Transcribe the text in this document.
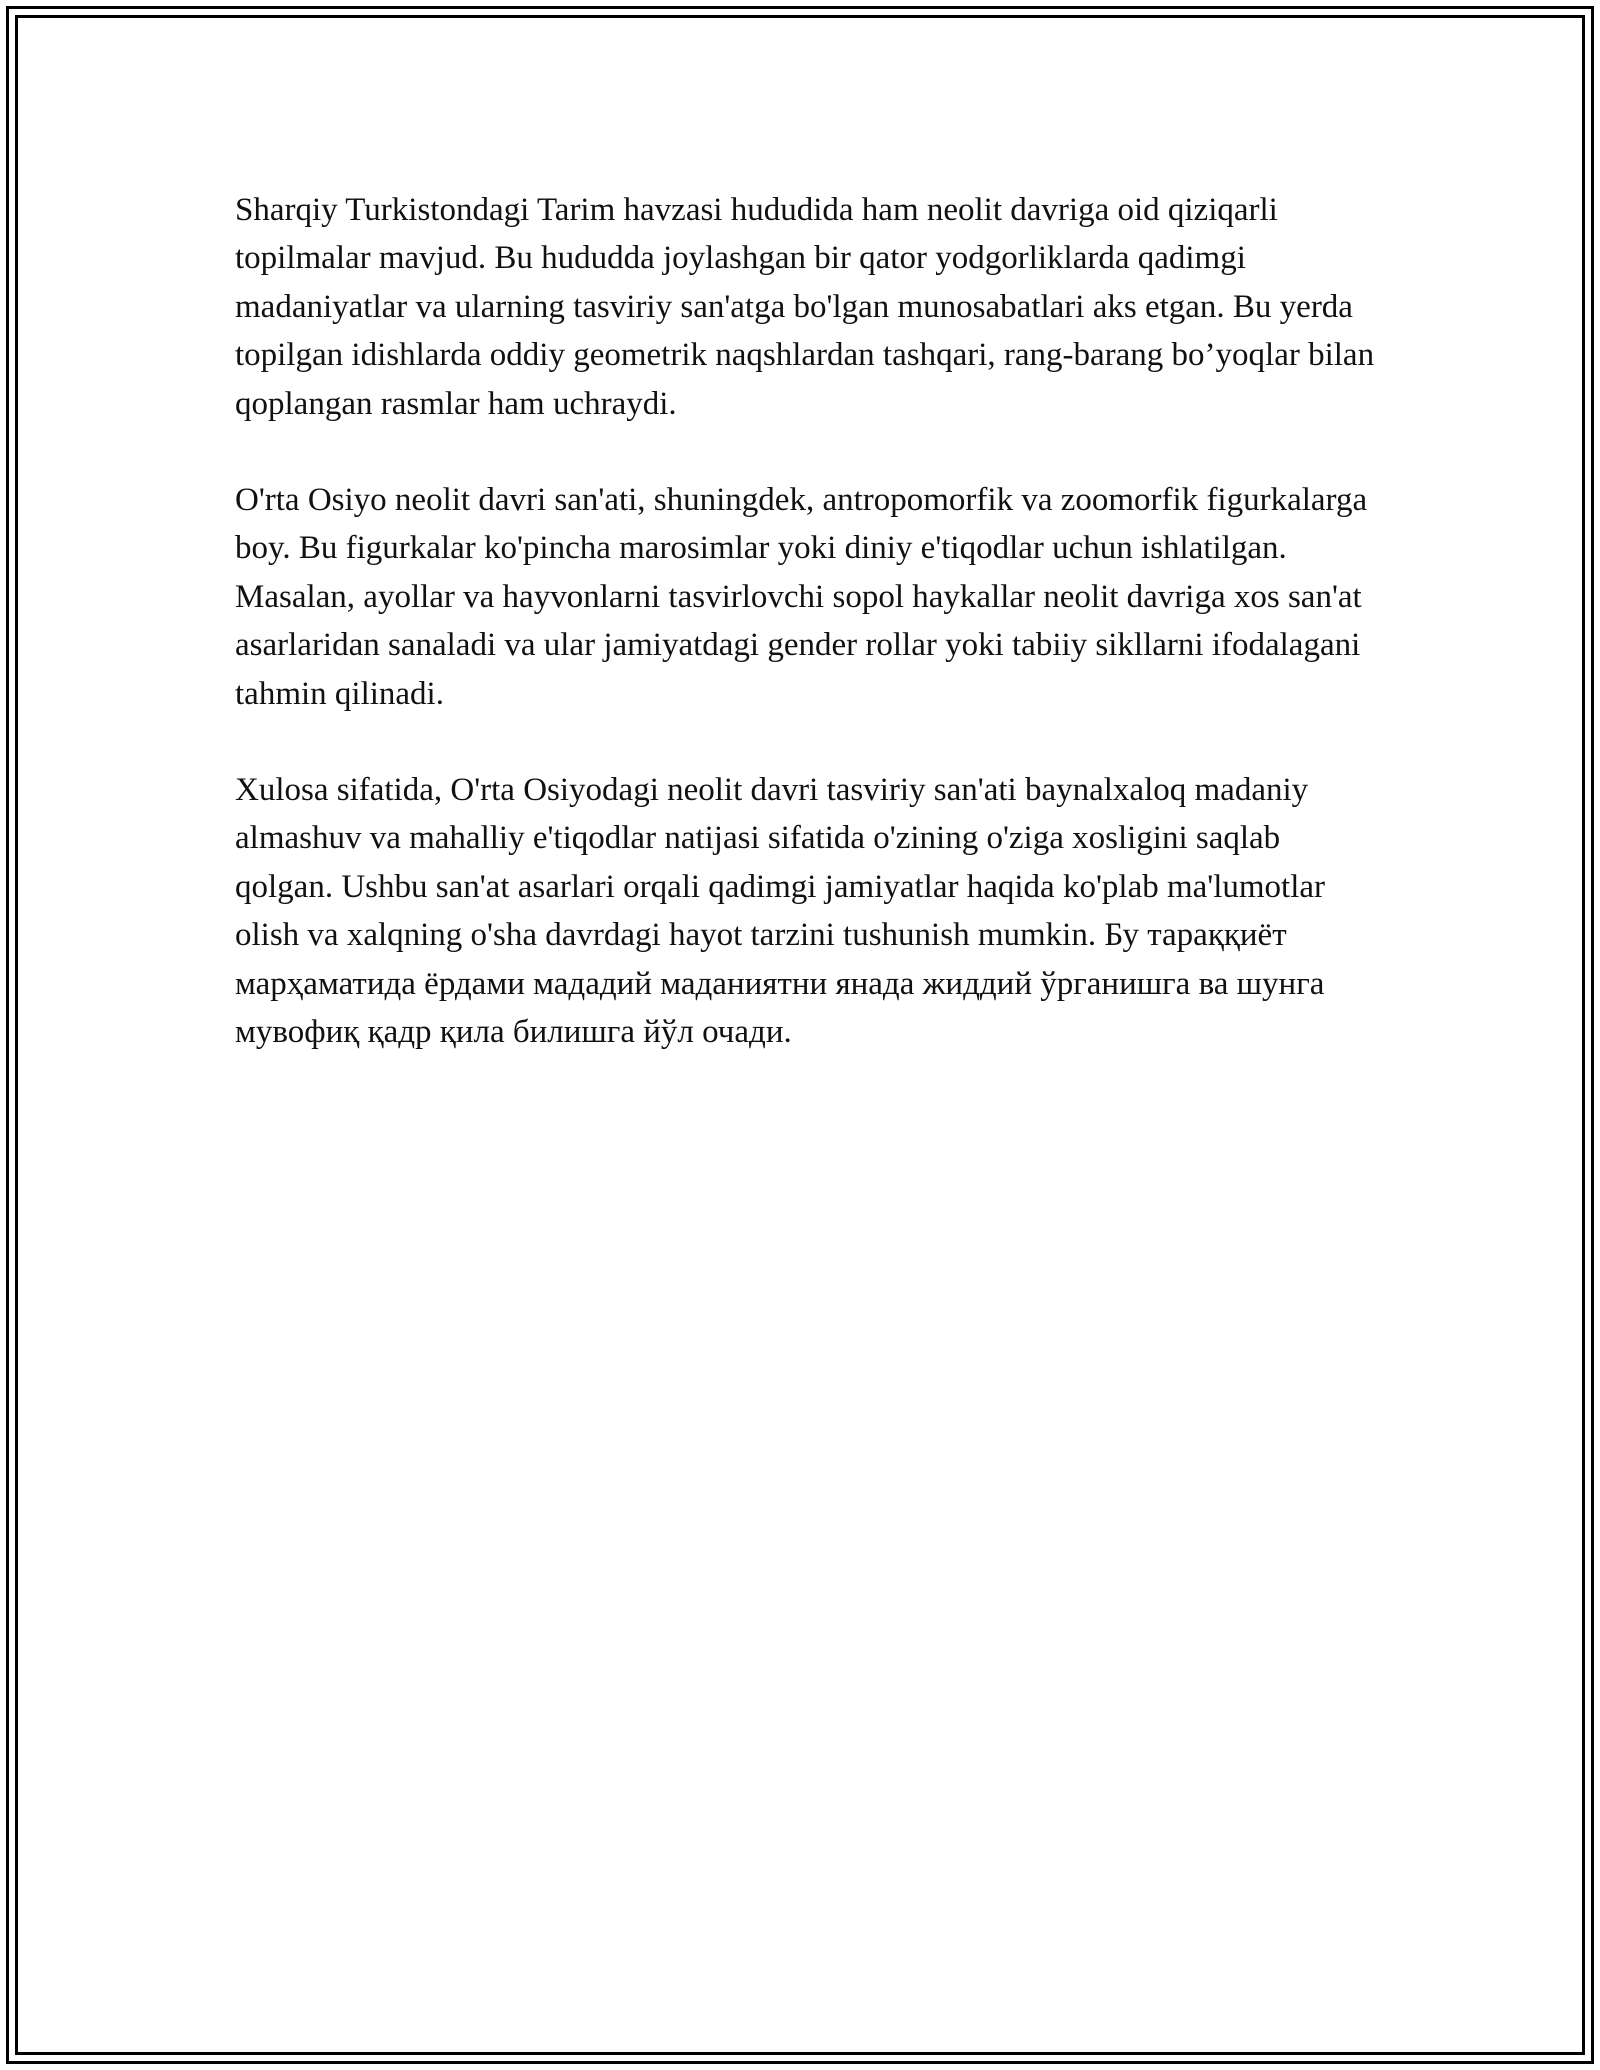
Sharqiy Turkistondagi Tarim havzasi hududida ham neolit davriga oid qiziqarli topilmalar mavjud. Bu hududda joylashgan bir qator yodgorliklarda qadimgi madaniyatlar va ularning tasviriy san'atga bo'lgan munosabatlari aks etgan. Bu yerda topilgan idishlarda oddiy geometrik naqshlardan tashqari, rang-barang bo’yoqlar bilan qoplangan rasmlar ham uchraydi.

O'rta Osiyo neolit davri san'ati, shuningdek, antropomorfik va zoomorfik figurkalarga boy. Bu figurkalar ko'pincha marosimlar yoki diniy e'tiqodlar uchun ishlatilgan. Masalan, ayollar va hayvonlarni tasvirlovchi sopol haykallar neolit davriga xos san'at asarlaridan sanaladi va ular jamiyatdagi gender rollar yoki tabiiy sikllarni ifodalagani tahmin qilinadi.

Xulosa sifatida, O'rta Osiyodagi neolit davri tasviriy san'ati baynalxaloq madaniy almashuv va mahalliy e'tiqodlar natijasi sifatida o'zining o'ziga xosligini saqlab qolgan. Ushbu san'at asarlari orqali qadimgi jamiyatlar haqida ko'plab ma'lumotlar olish va xalqning o'sha davrdagi hayot tarzini tushunish mumkin. Бу тараққиёт марҳаматида ёрдами мададий маданиятни янада жиддий ўрганишга ва шунга мувофиқ қадр қила билишга йўл очади.
